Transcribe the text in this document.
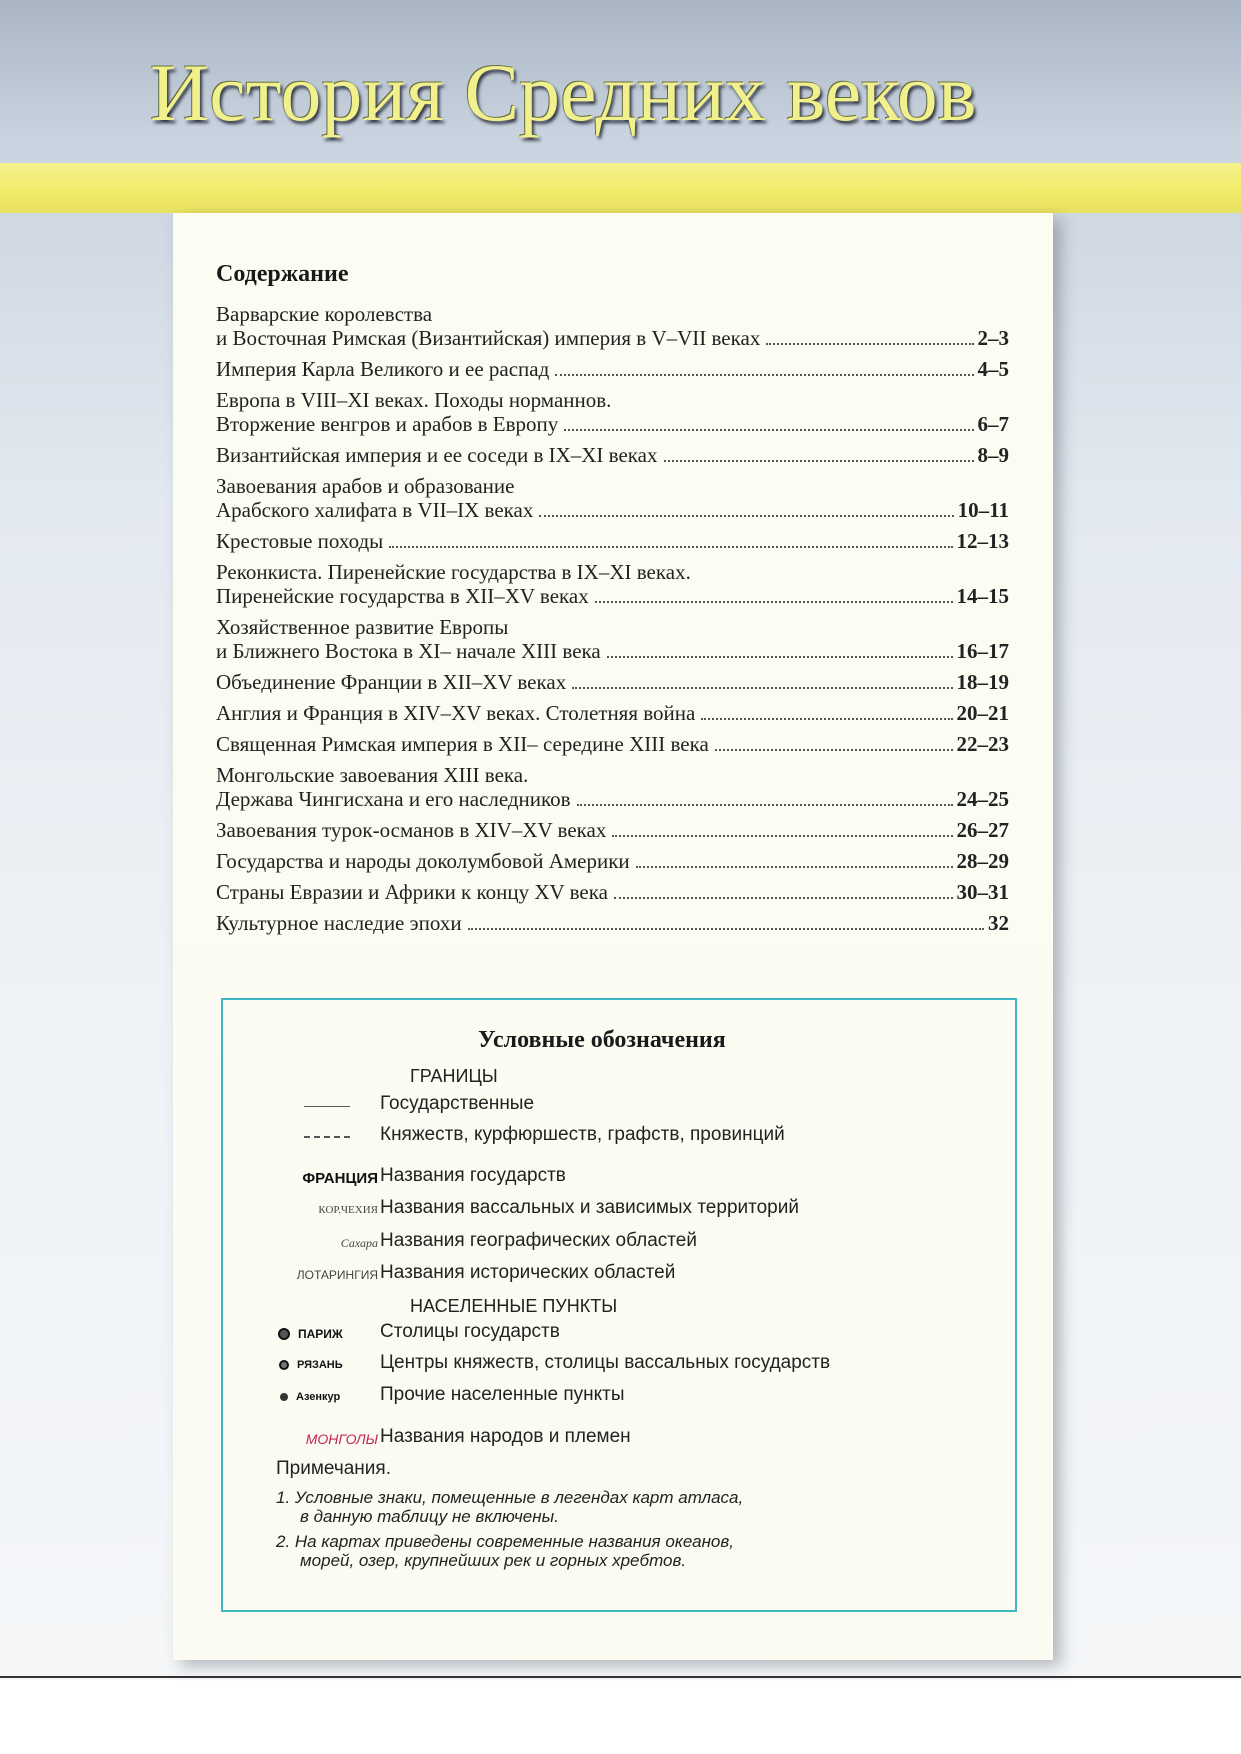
История Средних веков
Содержание
Варварские королевства
и Восточная Римская (Византийская) империя в V–VII веках	2–3
Империя Карла Великого и ее распад	4–5
Европа в VIII–XI веках. Походы норманнов.
Вторжение венгров и арабов в Европу	6–7
Византийская империя и ее соседи в IX–XI веках	8–9
Завоевания арабов и образование
Арабского халифата в VII–IX веках	10–11
Крестовые походы	12–13
Реконкиста. Пиренейские государства в IX–XI веках.
Пиренейские государства в XII–XV веках	14–15
Хозяйственное развитие Европы
и Ближнего Востока в XI– начале XIII века	16–17
Объединение Франции в XII–XV веках	18–19
Англия и Франция в XIV–XV веках. Столетняя война	20–21
Священная Римская империя в XII– середине XIII века	22–23
Монгольские завоевания XIII века.
Держава Чингисхана и его наследников	24–25
Завоевания турок-османов в XIV–XV веках	26–27
Государства и народы доколумбовой Америки	28–29
Страны Евразии и Африки к концу XV века	30–31
Культурное наследие эпохи	32
Условные обозначения
ГРАНИЦЫ
Государственные
Княжеств, курфюршеств, графств, провинций
ФРАНЦИЯ Названия государств
КОР.ЧЕХИЯ Названия вассальных и зависимых территорий
Сахара Названия географических областей
ЛОТАРИНГИЯ Названия исторических областей
НАСЕЛЕННЫЕ ПУНКТЫ
ПАРИЖ Столицы государств
РЯЗАНЬ Центры княжеств, столицы вассальных государств
Азенкур Прочие населенные пункты
МОНГОЛЫ Названия народов и племен
Примечания.
1. Условные знаки, помещенные в легендах карт атласа,
в данную таблицу не включены.
2. На картах приведены современные названия океанов,
морей, озер, крупнейших рек и горных хребтов.
